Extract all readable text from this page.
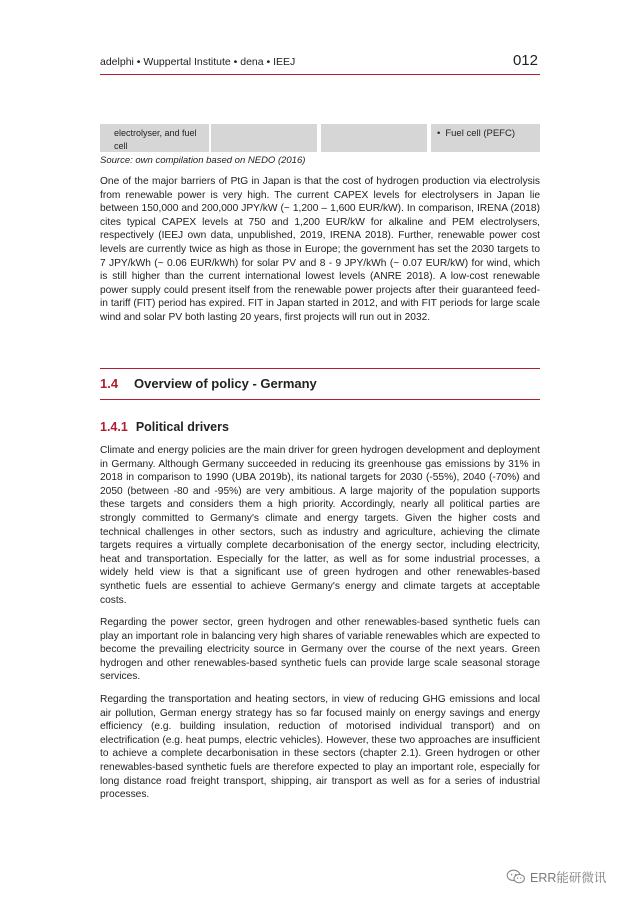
adelphi • Wuppertal Institute • dena • IEEJ	012
electrolyser, and fuel cell
• Fuel cell (PEFC)
Source: own compilation based on NEDO (2016)

One of the major barriers of PtG in Japan is that the cost of hydrogen production via electrolysis from renewable power is very high. The current CAPEX levels for electrolysers in Japan lie between 150,000 and 200,000 JPY/kW (~ 1,200 – 1,600 EUR/kW). In comparison, IRENA (2018) cites typical CAPEX levels at 750 and 1,200 EUR/kW for alkaline and PEM electrolysers, respectively (IEEJ own data, unpublished, 2019, IRENA 2018). Further, renewable power cost levels are currently twice as high as those in Europe; the government has set the 2030 targets to 7 JPY/kWh (~ 0.06 EUR/kWh) for solar PV and 8 - 9 JPY/kWh (~ 0.07 EUR/kW) for wind, which is still higher than the current international lowest levels (ANRE 2018). A low-cost renewable power supply could present itself from the renewable power projects after their guaranteed feed-in tariff (FIT) period has expired. FIT in Japan started in 2012, and with FIT periods for large scale wind and solar PV both lasting 20 years, first projects will run out in 2032.

1.4 Overview of policy - Germany
1.4.1 Political drivers

Climate and energy policies are the main driver for green hydrogen development and deployment in Germany. Although Germany succeeded in reducing its greenhouse gas emissions by 31% in 2018 in comparison to 1990 (UBA 2019b), its national targets for 2030 (-55%), 2040 (-70%) and 2050 (between -80 and -95%) are very ambitious. A large majority of the population supports these targets and considers them a high priority. Accordingly, nearly all political parties are strongly committed to Germany's climate and energy targets. Given the higher costs and technical challenges in other sectors, such as industry and agriculture, achieving the climate targets requires a virtually complete decarbonisation of the energy sector, including electricity, heat and transportation. Especially for the latter, as well as for some industrial processes, a widely held view is that a significant use of green hydrogen and other renewables-based synthetic fuels are essential to achieve Germany's energy and climate targets at acceptable costs.

Regarding the power sector, green hydrogen and other renewables-based synthetic fuels can play an important role in balancing very high shares of variable renewables which are expected to become the prevailing electricity source in Germany over the course of the next years. Green hydrogen and other renewables-based synthetic fuels can provide large scale seasonal storage services.

Regarding the transportation and heating sectors, in view of reducing GHG emissions and local air pollution, German energy strategy has so far focused mainly on energy savings and energy efficiency (e.g. building insulation, reduction of motorised individual transport) and on electrification (e.g. heat pumps, electric vehicles). However, these two approaches are insufficient to achieve a complete decarbonisation in these sectors (chapter 2.1). Green hydrogen or other renewables-based synthetic fuels are therefore expected to play an important role, especially for long distance road freight transport, shipping, air transport as well as for a series of industrial processes.

ERR能研微讯
